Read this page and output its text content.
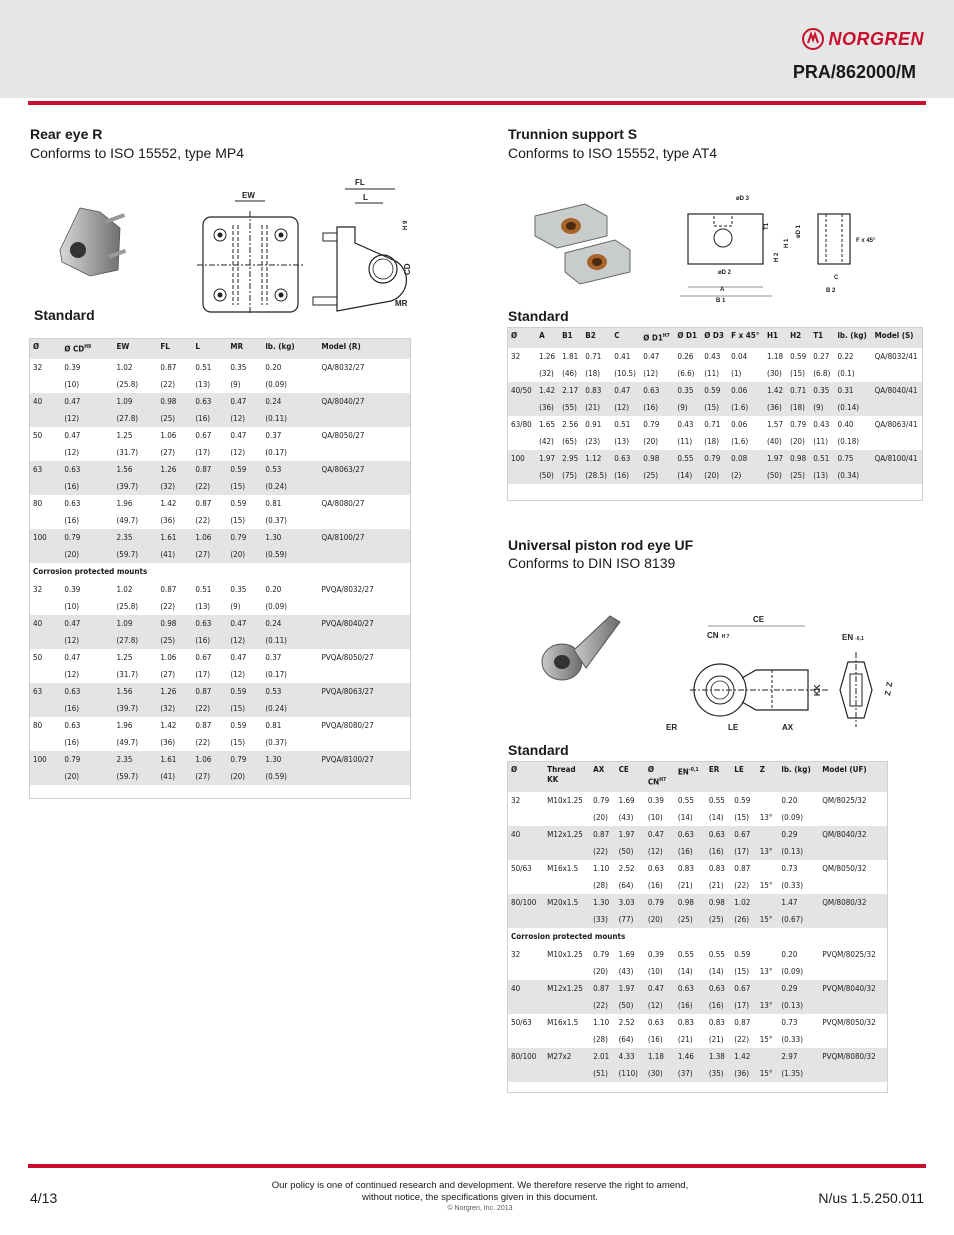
NORGREN
PRA/862000/M
Rear eye R
Conforms to ISO 15552, type MP4
EW
FL
L
CD
H 9
MR
Standard
Ø	Ø $CD^{H9}$	EW	FL	L	MR	lb. (kg)	Model (R)
32	0.39	1.02	0.87	0.51	0.35	0.20	QA/8032/27
	(10)	(25.8)	(22)	(13)	(9)	(0.09)	
40	0.47	1.09	0.98	0.63	0.47	0.24	QA/8040/27
	(12)	(27.8)	(25)	(16)	(12)	(0.11)	
50	0.47	1.25	1.06	0.67	0.47	0.37	QA/8050/27
	(12)	(31.7)	(27)	(17)	(12)	(0.17)	
63	0.63	1.56	1.26	0.87	0.59	0.53	QA/8063/27
	(16)	(39.7)	(32)	(22)	(15)	(0.24)	
80	0.63	1.96	1.42	0.87	0.59	0.81	QA/8080/27
	(16)	(49.7)	(36)	(22)	(15)	(0.37)	
100	0.79	2.35	1.61	1.06	0.79	1.30	QA/8100/27
	(20)	(59.7)	(41)	(27)	(20)	(0.59)	
Corrosion protected mounts							
32	0.39	1.02	0.87	0.51	0.35	0.20	PVQA/8032/27
	(10)	(25.8)	(22)	(13)	(9)	(0.09)	
40	0.47	1.09	0.98	0.63	0.47	0.24	PVQA/8040/27
	(12)	(27.8)	(25)	(16)	(12)	(0.11)	
50	0.47	1.25	1.06	0.67	0.47	0.37	PVQA/8050/27
	(12)	(31.7)	(27)	(17)	(12)	(0.17)	
63	0.63	1.56	1.26	0.87	0.59	0.53	PVQA/8063/27
	(16)	(39.7)	(32)	(22)	(15)	(0.24)	
80	0.63	1.96	1.42	0.87	0.59	0.81	PVQA/8080/27
	(16)	(49.7)	(36)	(22)	(15)	(0.37)	
100	0.79	2.35	1.61	1.06	0.79	1.30	PVQA/8100/27
	(20)	(59.7)	(41)	(27)	(20)	(0.59)	
Trunnion support S
Conforms to ISO 15552, type AT4
øD 3
T1
H 1
H 2
øD 2
A
B 1
øD 1
F x 45°
C
B 2
Standard
Ø	A	B1	B2	C	Ø $D1^{H7}$	Ø D1	Ø D3	F x 45°	H1	H2	T1	lb. (kg)	Model (S)
32	1.26	1.81	0.71	0.41	0.47	0.26	0.43	0.04	1.18	0.59	0.27	0.22	QA/8032/41
	(32)	(46)	(18)	(10.5)	(12)	(6.6)	(11)	(1)	(30)	(15)	(6.8)	(0.1)	
40/50	1.42	2.17	0.83	0.47	0.63	0.35	0.59	0.06	1.42	0.71	0.35	0.31	QA/8040/41
	(36)	(55)	(21)	(12)	(16)	(9)	(15)	(1.6)	(36)	(18)	(9)	(0.14)	
63/80	1.65	2.56	0.91	0.51	0.79	0.43	0.71	0.06	1.57	0.79	0.43	0.40	QA/8063/41
	(42)	(65)	(23)	(13)	(20)	(11)	(18)	(1.6)	(40)	(20)	(11)	(0.18)	
100	1.97	2.95	1.12	0.63	0.98	0.55	0.79	0.08	1.97	0.98	0.51	0.75	QA/8100/41
	(50)	(75)	(28.5)	(16)	(25)	(14)	(20)	(2)	(50)	(25)	(13)	(0.34)	
Universal piston rod eye UF
Conforms to DIN ISO 8139
CE
CN H 7
KK
ER	LE	AX
EN -0,1
ZZ
Standard
Ø	Thread KK	AX	CE	Ø $CN^{H7}$	$EN^{-0,1}$	ER	LE	Z	lb. (kg)	Model (UF)
32	M10x1.25	0.79	1.69	0.39	0.55	0.55	0.59		0.20	QM/8025/32
		(20)	(43)	(10)	(14)	(14)	(15)	13°	(0.09)	
40	M12x1.25	0.87	1.97	0.47	0.63	0.63	0.67		0.29	QM/8040/32
		(22)	(50)	(12)	(16)	(16)	(17)	13°	(0.13)	
50/63	M16x1.5	1.10	2.52	0.63	0.83	0.83	0.87		0.73	QM/8050/32
		(28)	(64)	(16)	(21)	(21)	(22)	15°	(0.33)	
80/100	M20x1.5	1.30	3.03	0.79	0.98	0.98	1.02		1.47	QM/8080/32
		(33)	(77)	(20)	(25)	(25)	(26)	15°	(0.67)	
Corrosion protected mounts										
32	M10x1.25	0.79	1.69	0.39	0.55	0.55	0.59		0.20	PVQM/8025/32
		(20)	(43)	(10)	(14)	(14)	(15)	13°	(0.09)	
40	M12x1.25	0.87	1.97	0.47	0.63	0.63	0.67		0.29	PVQM/8040/32
		(22)	(50)	(12)	(16)	(16)	(17)	13°	(0.13)	
50/63	M16x1.5	1.10	2.52	0.63	0.83	0.83	0.87		0.73	PVQM/8050/32
		(28)	(64)	(16)	(21)	(21)	(22)	15°	(0.33)	
80/100	M27x2	2.01	4.33	1.18	1.46	1.38	1.42		2.97	PVQM/8080/32
		(51)	(110)	(30)	(37)	(35)	(36)	15°	(1.35)	
4/13
Our policy is one of continued research and development. We therefore reserve the right to amend,
without notice, the specifications given in this document.
© Norgren, Inc. 2013
N/us 1.5.250.011
